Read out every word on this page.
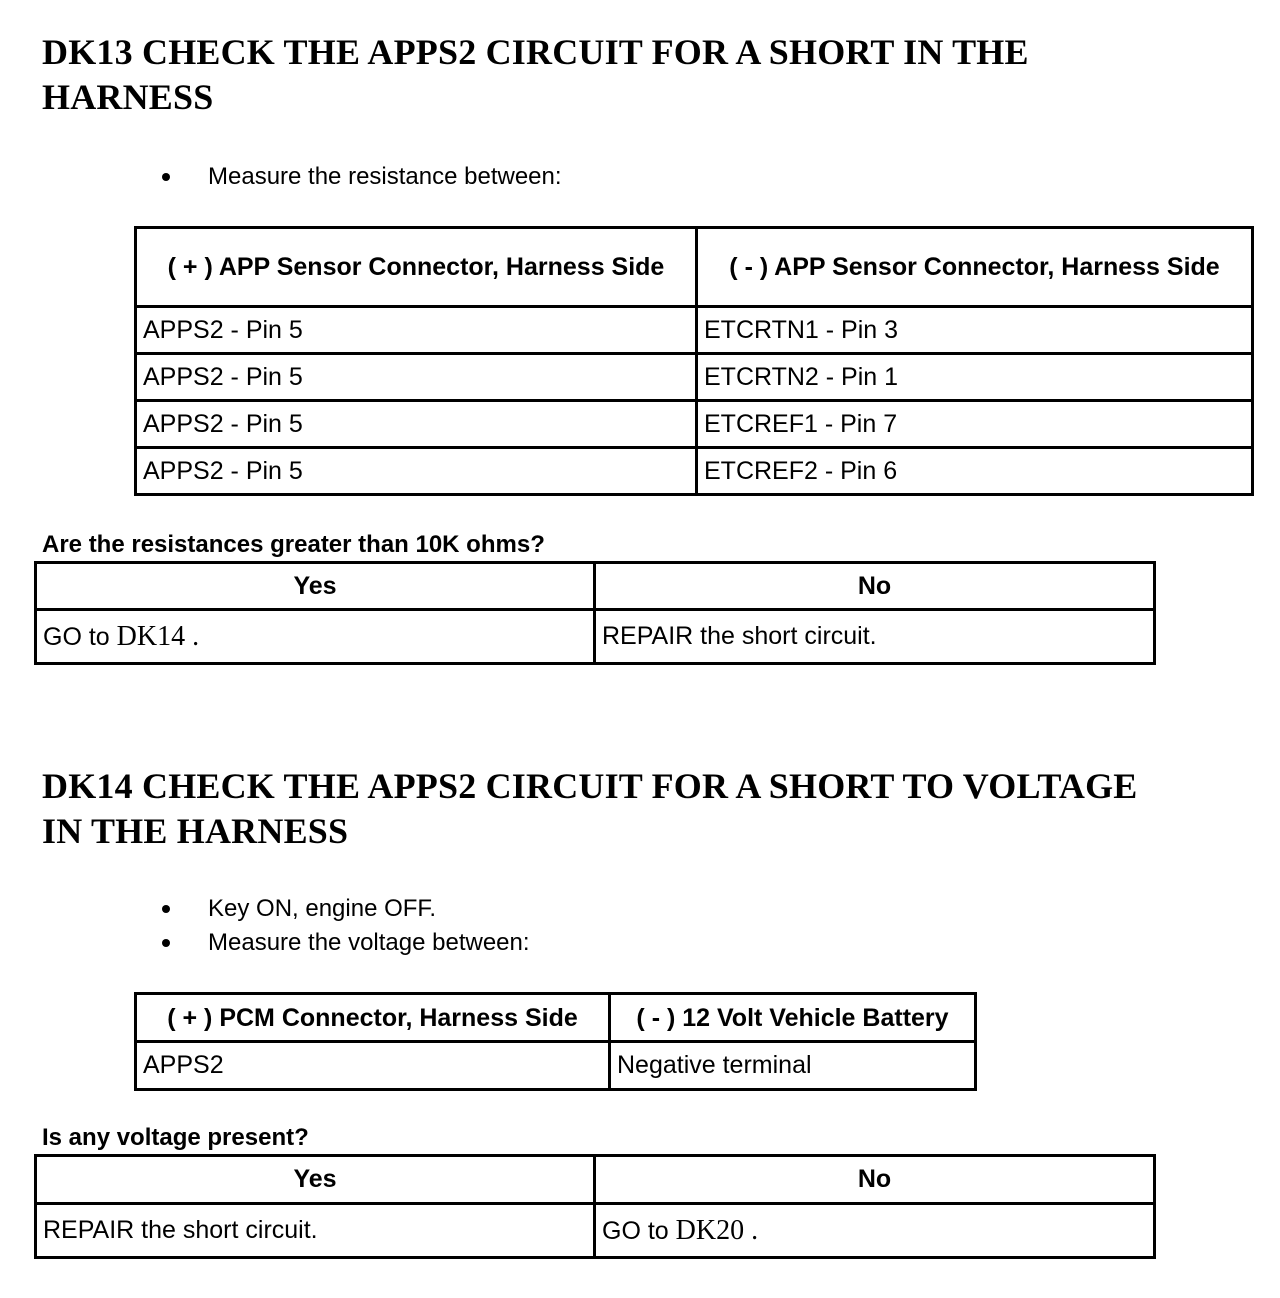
DK13 CHECK THE APPS2 CIRCUIT FOR A SHORT IN THE
HARNESS
Measure the resistance between:
( + ) APP Sensor Connector, Harness Side	( - ) APP Sensor Connector, Harness Side
APPS2 - Pin 5	ETCRTN1 - Pin 3
APPS2 - Pin 5	ETCRTN2 - Pin 1
APPS2 - Pin 5	ETCREF1 - Pin 7
APPS2 - Pin 5	ETCREF2 - Pin 6

Are the resistances greater than 10K ohms?

Yes	No
GO to DK14 .	REPAIR the short circuit.
DK14 CHECK THE APPS2 CIRCUIT FOR A SHORT TO VOLTAGE
IN THE HARNESS
Key ON, engine OFF.
Measure the voltage between:
( + ) PCM Connector, Harness Side	( - ) 12 Volt Vehicle Battery
APPS2	Negative terminal

Is any voltage present?

Yes	No
REPAIR the short circuit.	GO to DK20 .
